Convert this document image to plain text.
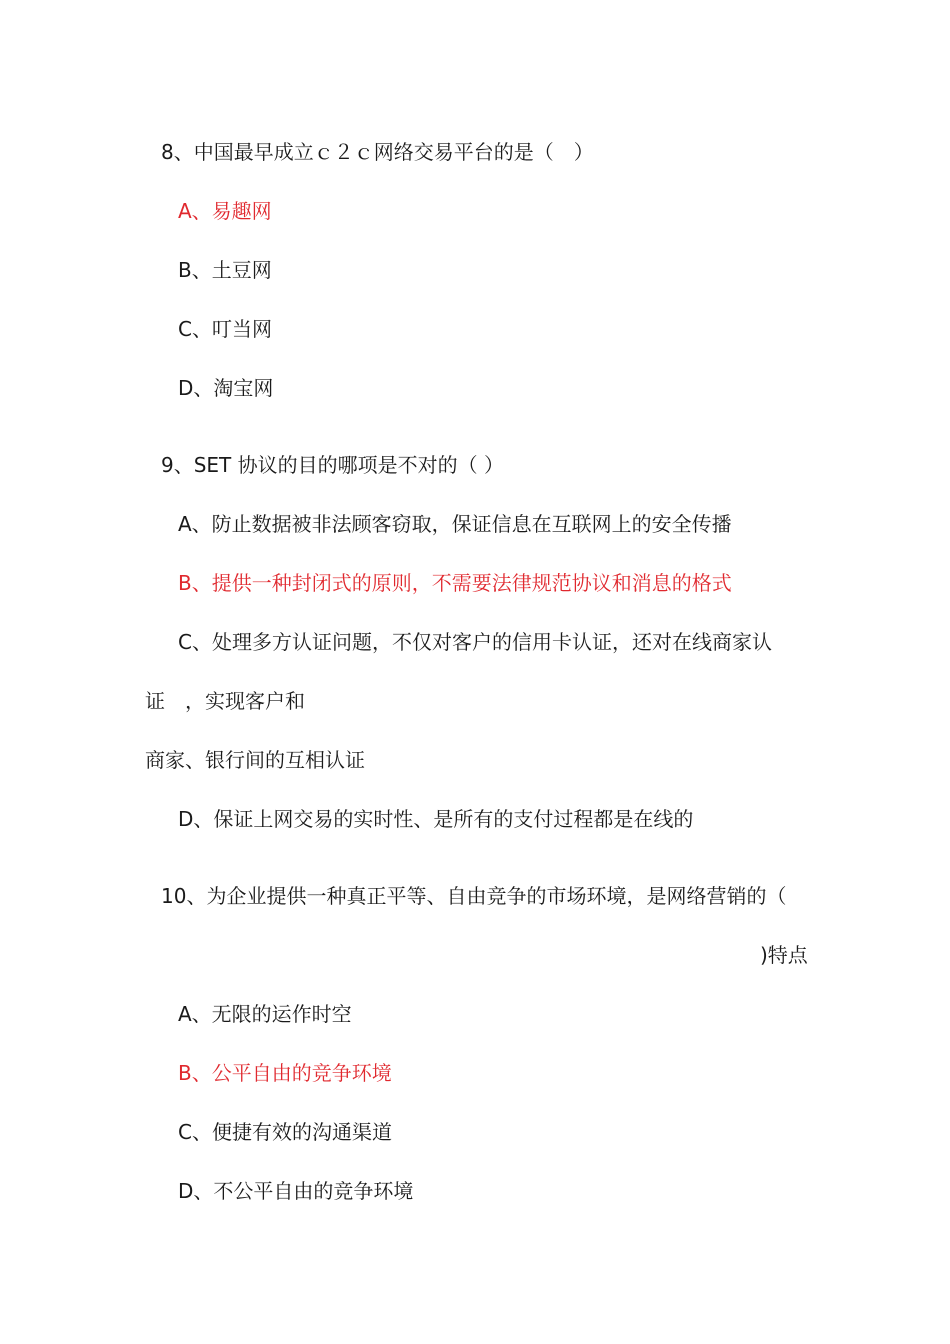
8、中国最早成立ｃ２ｃ网络交易平台的是（　）
A、易趣网
B、土豆网
C、叮当网
D、淘宝网
9、SET 协议的目的哪项是不对的（ ）
A、防止数据被非法顾客窃取，保证信息在互联网上的安全传播
B、提供一种封闭式的原则，不需要法律规范协议和消息的格式
C、处理多方认证问题，不仅对客户的信用卡认证，还对在线商家认
证　，实现客户和
商家、银行间的互相认证
D、保证上网交易的实时性、是所有的支付过程都是在线的
10、为企业提供一种真正平等、自由竞争的市场环境，是网络营销的（
)特点
A、无限的运作时空
B、公平自由的竞争环境
C、便捷有效的沟通渠道
D、不公平自由的竞争环境
